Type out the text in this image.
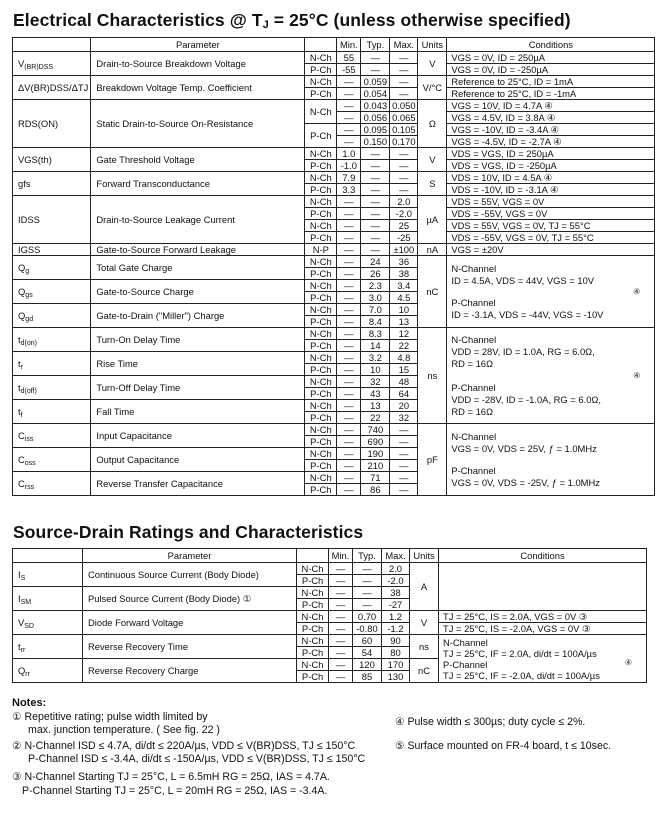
Electrical Characteristics @ $T_J = 25^\circ C$ (unless otherwise specified)
	Parameter		Min.	Typ.	Max.	Units	Conditions
$V_{(BR)DSS}$	Drain-to-Source Breakdown Voltage	N-Ch	55	—	—	V	VGS = 0V, ID = 250µA
		P-Ch	-55	—	—		VGS = 0V, ID = -250µA
ΔV(BR)DSS/ΔTJ	Breakdown Voltage Temp. Coefficient	N-Ch	—	0.059	—	V/°C	Reference to 25°C, ID = 1mA
		P-Ch	—	0.054	—		Reference to 25°C, ID = -1mA
RDS(ON)	Static Drain-to-Source On-Resistance	N-Ch	—	0.043	0.050	Ω	VGS = 10V, ID = 4.7A ④
			—	0.056	0.065		VGS = 4.5V, ID = 3.8A ④
		P-Ch	—	0.095	0.105		VGS = -10V, ID = -3.4A ④
			—	0.150	0.170		VGS = -4.5V, ID = -2.7A ④
VGS(th)	Gate Threshold Voltage	N-Ch	1.0	—	—	V	VDS = VGS, ID = 250µA
		P-Ch	-1.0	—	—		VDS = VGS, ID = -250µA
gfs	Forward Transconductance	N-Ch	7.9	—	—	S	VDS = 10V, ID = 4.5A ④
		P-Ch	3.3	—	—		VDS = -10V, ID = -3.1A ④
IDSS	Drain-to-Source Leakage Current	N-Ch	—	—	2.0	µA	VDS = 55V, VGS = 0V
		P-Ch	—	—	-2.0		VDS = -55V, VGS = 0V
		N-Ch	—	—	25		VDS = 55V, VGS = 0V, TJ = 55°C
		P-Ch	—	—	-25		VDS = -55V, VGS = 0V, TJ = 55°C
IGSS	Gate-to-Source Forward Leakage	N-P	—	—	±100	nA	VGS = ±20V
$Q_g$	Total Gate Charge	N-Ch	—	24	36	nC	N-Channel
ID = 4.5A, VDS = 44V, VGS = 10V
P-Channel
ID = -3.1A, VDS = -44V, VGS = -10V
④

		P-Ch	—	26	38		
$Q_{gs}$	Gate-to-Source Charge	N-Ch	—	2.3	3.4		
		P-Ch	—	3.0	4.5		
$Q_{gd}$	Gate-to-Drain ("Miller") Charge	N-Ch	—	7.0	10		
		P-Ch	—	8.4	13		
$t_{d(on)}$	Turn-On Delay Time	N-Ch	—	8.3	12	ns	
N-Channel
VDD = 28V, ID = 1.0A, RG = 6.0Ω,
RD = 16Ω
P-Channel
VDD = -28V, ID = -1.0A, RG = 6.0Ω,
RD = 16Ω
④

		P-Ch	—	14	22		
$t_r$	Rise Time	N-Ch	—	3.2	4.8		
		P-Ch	—	10	15		
$t_{d(off)}$	Turn-Off Delay Time	N-Ch	—	32	48		
		P-Ch	—	43	64		
$t_f$	Fall Time	N-Ch	—	13	20		
		P-Ch	—	22	32		
$C_{iss}$	Input Capacitance	N-Ch	—	740	—	pF	N-Channel
VGS = 0V, VDS = 25V, ƒ = 1.0MHz
P-Channel
VGS = 0V, VDS = -25V, ƒ = 1.0MHz

		P-Ch	—	690	—		
$C_{oss}$	Output Capacitance	N-Ch	—	190	—		
		P-Ch	—	210	—		
$C_{rss}$	Reverse Transfer Capacitance	N-Ch	—	71	—		
		P-Ch	—	86	—		
Source-Drain Ratings and Characteristics
	Parameter		Min.	Typ.	Max.	Units	Conditions
$I_S$	Continuous Source Current (Body Diode)	N-Ch	—	—	2.0	A	
		P-Ch	—	—	-2.0		
$I_{SM}$	Pulsed Source Current (Body Diode) ①	N-Ch	—	—	38		
		P-Ch	—	—	-27		
$V_{SD}$	Diode Forward Voltage	N-Ch	—	0.70	1.2	V	TJ = 25°C, IS = 2.0A, VGS = 0V ③
		P-Ch	—	-0.80	-1.2		TJ = 25°C, IS = -2.0A, VGS = 0V ③
$t_{rr}$	Reverse Recovery Time	N-Ch	—	60	90	ns	N-Channel
TJ = 25°C, IF = 2.0A, di/dt = 100A/µs
P-Channel
TJ = 25°C, IF = -2.0A, di/dt = 100A/µs
④

		P-Ch	—	54	80		
$Q_{rr}$	Reverse Recovery Charge	N-Ch	—	120	170	nC	
		P-Ch	—	85	130		
Notes:
① Repetitive rating; pulse width limited by
max. junction temperature. ( See fig. 22 )
② N-Channel ISD ≤ 4.7A, di/dt ≤ 220A/µs, VDD ≤ V(BR)DSS, TJ ≤ 150°C
P-Channel ISD ≤ -3.4A, di/dt ≤ -150A/µs, VDD ≤ V(BR)DSS, TJ ≤ 150°C
③ N-Channel Starting TJ = 25°C, L = 6.5mH RG = 25Ω, IAS = 4.7A.
P-Channel Starting TJ = 25°C, L = 20mH RG = 25Ω, IAS = -3.4A.
④ Pulse width ≤ 300µs; duty cycle ≤ 2%.
⑤ Surface mounted on FR-4 board, t ≤ 10sec.
